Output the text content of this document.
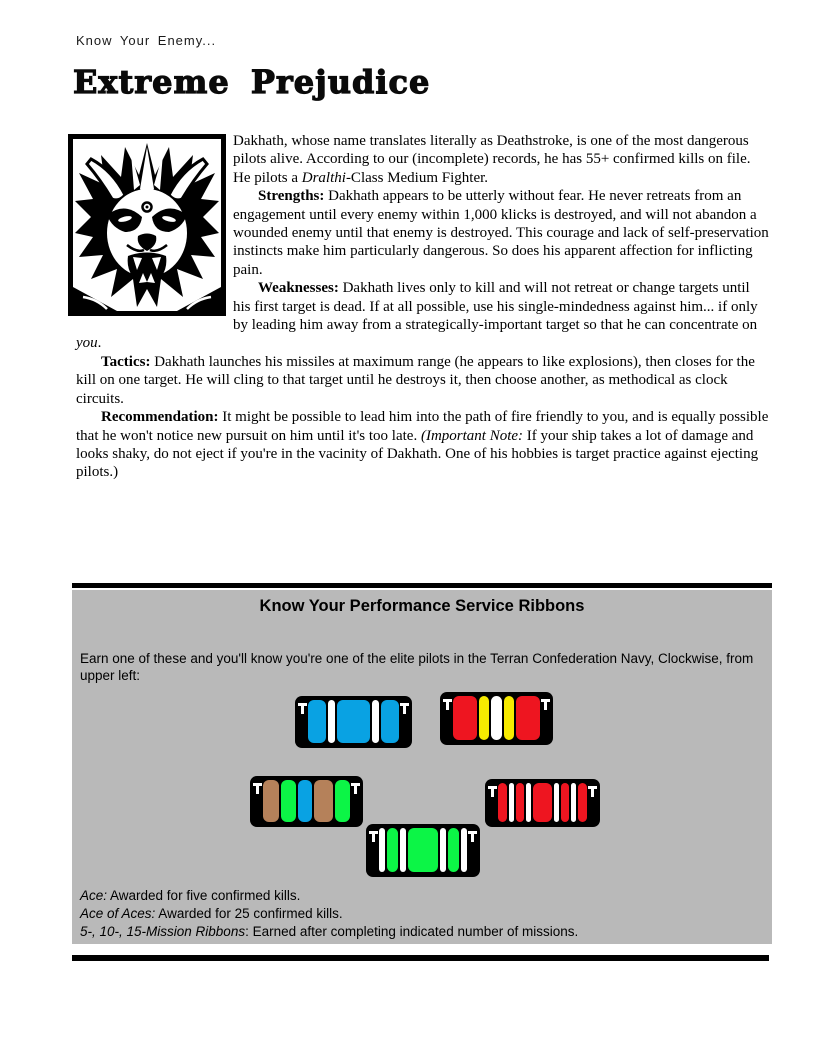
Know Your Enemy...
Extreme Prejudice

Dakhath, whose name translates literally as Deathstroke, is one of the most dangerous pilots alive. According to our (incomplete) records, he has 55+ confirmed kills on file. He pilots a Dralthi-Class Medium Fighter.

Strengths: Dakhath appears to be utterly without fear. He never retreats from an engagement until every enemy within 1,000 klicks is destroyed, and will not abandon a wounded enemy until that enemy is destroyed. This courage and lack of self-preservation instincts make him particularly dangerous. So does his apparent affection for inflicting pain.

Weaknesses: Dakhath lives only to kill and will not retreat or change targets until his first target is dead. If at all possible, use his single-mindedness against him... if only by leading him away from a strategically-important target so that he can concentrate on you.

Tactics: Dakhath launches his missiles at maximum range (he appears to like explosions), then closes for the kill on one target. He will cling to that target until he destroys it, then choose another, as methodical as clock circuits.

Recommendation: It might be possible to lead him into the path of fire friendly to you, and is equally possible that he won't notice new pursuit on him until it's too late. (Important Note: If your ship takes a lot of damage and looks shaky, do not eject if you're in the vacinity of Dakhath. One of his hobbies is target practice against ejecting pilots.)

Know Your Performance Service Ribbons

Earn one of these and you'll know you're one of the elite pilots in the Terran Confederation Navy, Clockwise, from upper left:

Ace: Awarded for five confirmed kills.
Ace of Aces: Awarded for 25 confirmed kills.
5-, 10-, 15-Mission Ribbons: Earned after completing indicated number of missions.
